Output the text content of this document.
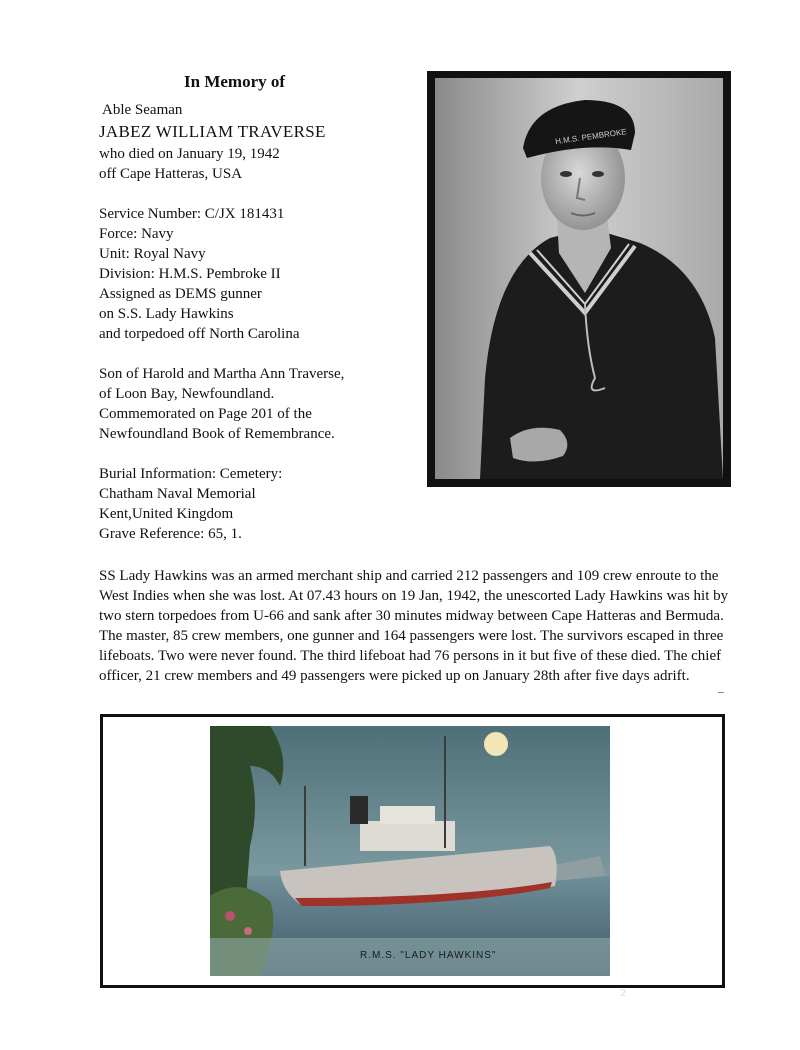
In Memory of
Able Seaman
JABEZ WILLIAM TRAVERSE
who died on January 19, 1942
off Cape Hatteras, USA
Service Number: C/JX 181431
Force: Navy
Unit: Royal Navy
Division: H.M.S. Pembroke II
Assigned as DEMS gunner
on S.S. Lady Hawkins
and torpedoed off North Carolina
Son of Harold and Martha Ann Traverse,
of Loon Bay, Newfoundland.
Commemorated on Page 201 of the
Newfoundland Book of Remembrance.
Burial Information: Cemetery:
Chatham Naval Memorial
Kent,United Kingdom
Grave Reference: 65, 1.
H.M.S. PEMBROKE

SS Lady Hawkins was an armed merchant ship and carried 212 passengers and 109 crew enroute to the West Indies when she was lost. At 07.43 hours on 19 Jan, 1942, the unescorted Lady Hawkins was hit by two stern torpedoes from U-66 and sank after 30 minutes midway between Cape Hatteras and Bermuda. The master, 85 crew members, one gunner and 164 passengers were lost. The survivors escaped in three lifeboats. Two were never found. The third lifeboat had 76 persons in it but five of these died. The chief officer, 21 crew members and 49 passengers were picked up on January 28th after five days adrift.

R.M.S. "LADY HAWKINS"
2
